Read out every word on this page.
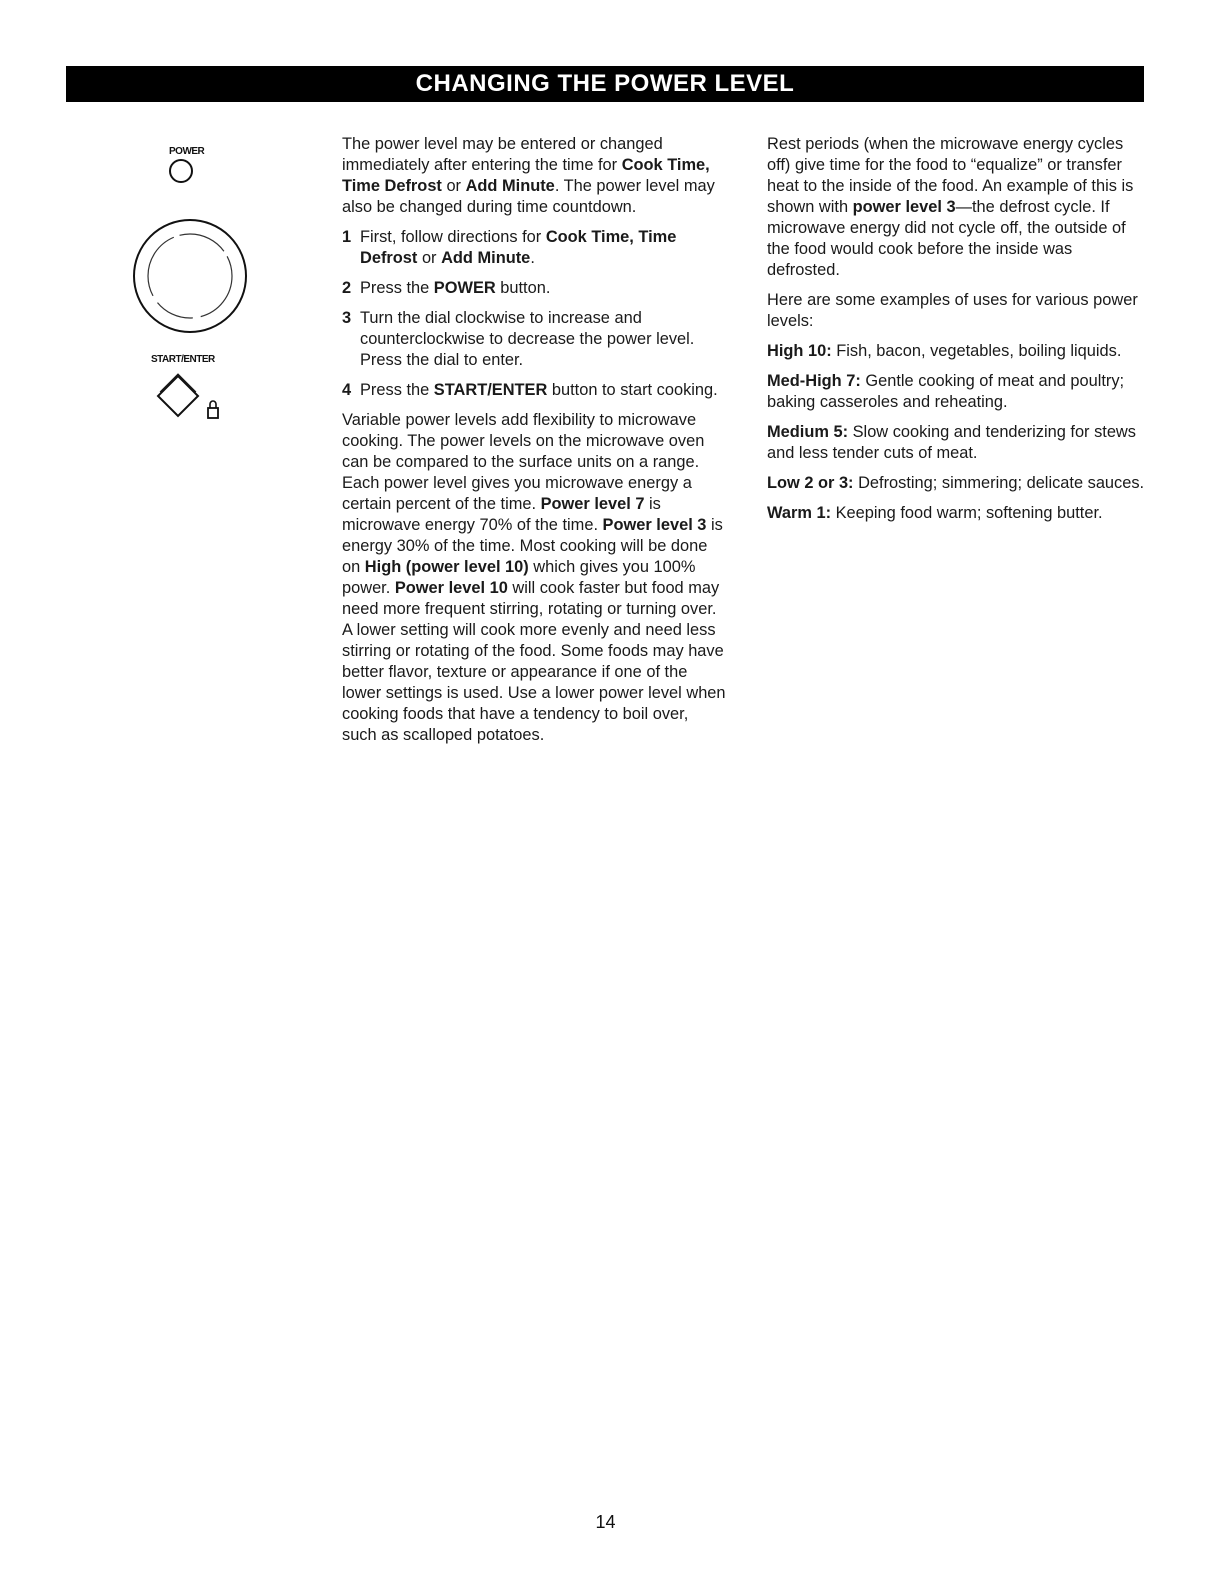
CHANGING THE POWER LEVEL
POWER
START/ENTER

The power level may be entered or changed immediately after entering the time for Cook Time, Time Defrost or Add Minute. The power level may also be changed during time countdown.

1 First, follow directions for Cook Time, Time Defrost or Add Minute.
2 Press the POWER button.
3 Turn the dial clockwise to increase and counterclockwise to decrease the power level. Press the dial to enter.
4 Press the START/ENTER button to start cooking.

Variable power levels add flexibility to microwave cooking. The power levels on the microwave oven can be compared to the surface units on a range. Each power level gives you microwave energy a certain percent of the time. Power level 7 is microwave energy 70% of the time. Power level 3 is energy 30% of the time. Most cooking will be done on High (power level 10) which gives you 100% power. Power level 10 will cook faster but food may need more frequent stirring, rotating or turning over. A lower setting will cook more evenly and need less stirring or rotating of the food. Some foods may have better flavor, texture or appearance if one of the lower settings is used. Use a lower power level when cooking foods that have a tendency to boil over, such as scalloped potatoes.

Rest periods (when the microwave energy cycles off) give time for the food to “equalize” or transfer heat to the inside of the food. An example of this is shown with power level 3—the defrost cycle. If microwave energy did not cycle off, the outside of the food would cook before the inside was defrosted.

Here are some examples of uses for various power levels:

High 10: Fish, bacon, vegetables, boiling liquids.

Med-High 7: Gentle cooking of meat and poultry; baking casseroles and reheating.

Medium 5: Slow cooking and tenderizing for stews and less tender cuts of meat.

Low 2 or 3: Defrosting; simmering; delicate sauces.

Warm 1: Keeping food warm; softening butter.

14
